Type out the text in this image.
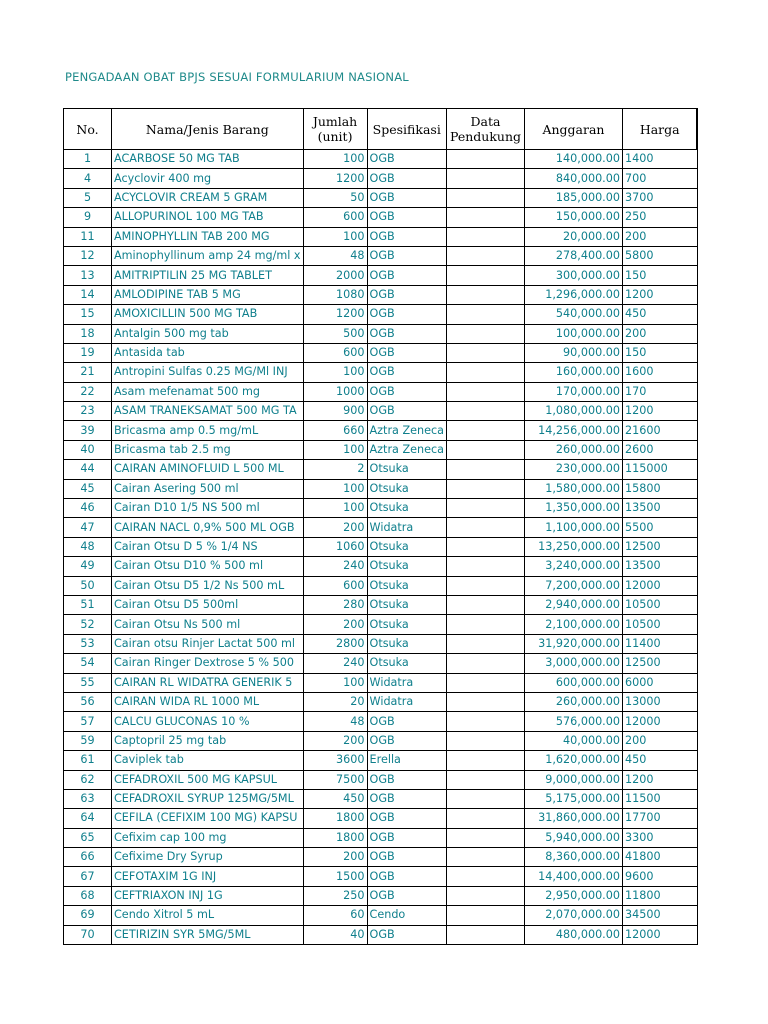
PENGADAAN OBAT BPJS SESUAI FORMULARIUM NASIONAL
No.	Nama/Jenis Barang	Jumlah (unit)	Spesifikasi	Data Pendukung	Anggaran	Harga
1	ACARBOSE 50 MG TAB	100	OGB		140,000.00	1400
4	Acyclovir 400 mg	1200	OGB		840,000.00	700
5	ACYCLOVIR CREAM 5 GRAM	50	OGB		185,000.00	3700
9	ALLOPURINOL 100 MG TAB	600	OGB		150,000.00	250
11	AMINOPHYLLIN TAB 200 MG	100	OGB		20,000.00	200
12	Aminophyllinum amp 24 mg/ml x	48	OGB		278,400.00	5800
13	AMITRIPTILIN 25 MG TABLET	2000	OGB		300,000.00	150
14	AMLODIPINE TAB 5 MG	1080	OGB		1,296,000.00	1200
15	AMOXICILLIN 500 MG TAB	1200	OGB		540,000.00	450
18	Antalgin 500 mg tab	500	OGB		100,000.00	200
19	Antasida tab	600	OGB		90,000.00	150
21	Antropini Sulfas 0.25 MG/Ml INJ	100	OGB		160,000.00	1600
22	Asam mefenamat 500 mg	1000	OGB		170,000.00	170
23	ASAM TRANEKSAMAT 500 MG TA	900	OGB		1,080,000.00	1200
39	Bricasma amp 0.5 mg/mL	660	Aztra Zeneca		14,256,000.00	21600
40	Bricasma tab 2.5 mg	100	Aztra Zeneca		260,000.00	2600
44	CAIRAN AMINOFLUID L 500 ML	2	Otsuka		230,000.00	115000
45	Cairan Asering 500 ml	100	Otsuka		1,580,000.00	15800
46	Cairan D10 1/5 NS 500 ml	100	Otsuka		1,350,000.00	13500
47	CAIRAN NACL 0,9% 500 ML OGB	200	Widatra		1,100,000.00	5500
48	Cairan Otsu D 5 % 1/4 NS	1060	Otsuka		13,250,000.00	12500
49	Cairan Otsu D10 % 500 ml	240	Otsuka		3,240,000.00	13500
50	Cairan Otsu D5 1/2 Ns 500 mL	600	Otsuka		7,200,000.00	12000
51	Cairan Otsu D5 500ml	280	Otsuka		2,940,000.00	10500
52	Cairan Otsu Ns 500 ml	200	Otsuka		2,100,000.00	10500
53	Cairan otsu Rinjer Lactat 500 ml	2800	Otsuka		31,920,000.00	11400
54	Cairan Ringer Dextrose 5 % 500	240	Otsuka		3,000,000.00	12500
55	CAIRAN RL WIDATRA GENERIK 5	100	Widatra		600,000.00	6000
56	CAIRAN WIDA RL 1000 ML	20	Widatra		260,000.00	13000
57	CALCU GLUCONAS 10 %	48	OGB		576,000.00	12000
59	Captopril 25 mg tab	200	OGB		40,000.00	200
61	Caviplek tab	3600	Erella		1,620,000.00	450
62	CEFADROXIL 500 MG KAPSUL	7500	OGB		9,000,000.00	1200
63	CEFADROXIL SYRUP 125MG/5ML	450	OGB		5,175,000.00	11500
64	CEFILA (CEFIXIM 100 MG) KAPSU	1800	OGB		31,860,000.00	17700
65	Cefixim cap 100 mg	1800	OGB		5,940,000.00	3300
66	Cefixime Dry Syrup	200	OGB		8,360,000.00	41800
67	CEFOTAXIM 1G INJ	1500	OGB		14,400,000.00	9600
68	CEFTRIAXON INJ 1G	250	OGB		2,950,000.00	11800
69	Cendo Xitrol 5 mL	60	Cendo		2,070,000.00	34500
70	CETIRIZIN SYR 5MG/5ML	40	OGB		480,000.00	12000
